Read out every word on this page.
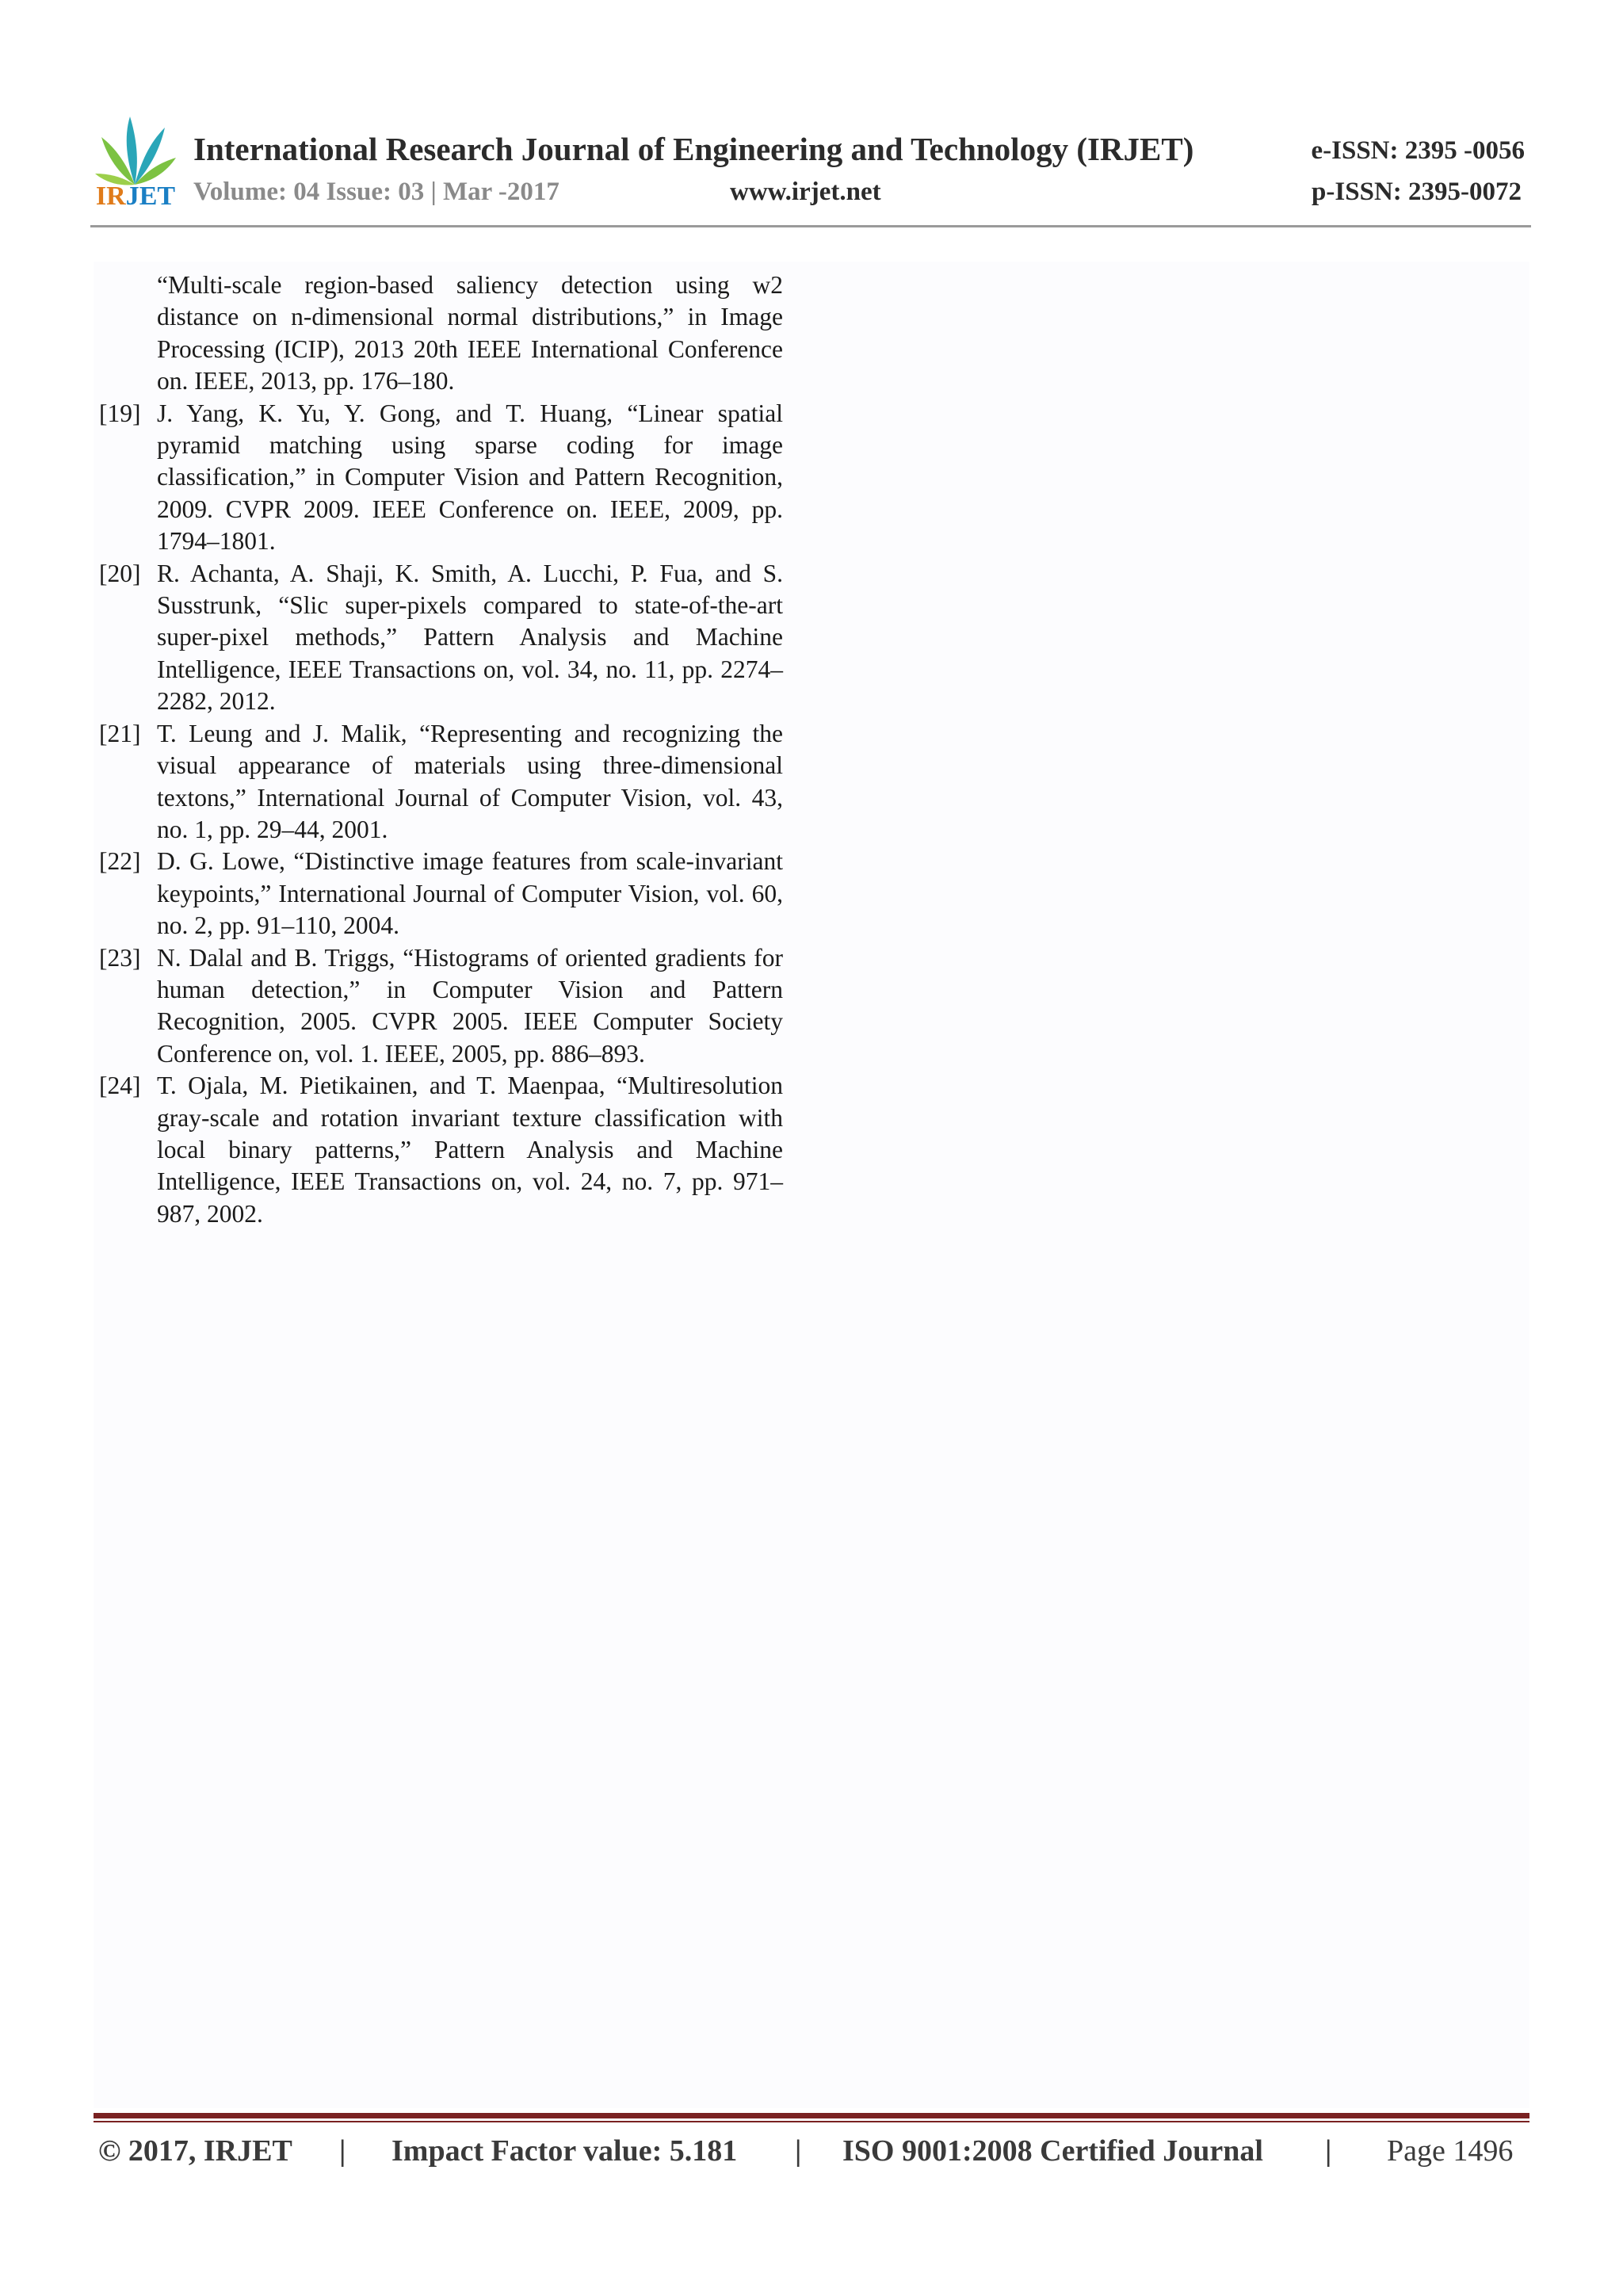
IRJET
International Research Journal of Engineering and Technology (IRJET)
Volume: 04 Issue: 03 | Mar -2017	www.irjet.net
e-ISSN: 2395 -0056
p-ISSN: 2395-0072
“Multi-scale region-based saliency detection using w2 distance on n-dimensional normal distributions,” in Image Processing (ICIP), 2013 20th IEEE International Conference on. IEEE, 2013, pp. 176–180.
[19] J. Yang, K. Yu, Y. Gong, and T. Huang, “Linear spatial pyramid matching using sparse coding for image classification,” in Computer Vision and Pattern Recognition, 2009. CVPR 2009. IEEE Conference on. IEEE, 2009, pp. 1794–1801.
[20] R. Achanta, A. Shaji, K. Smith, A. Lucchi, P. Fua, and S. Susstrunk, “Slic super-pixels compared to state-of-the-art super-pixel methods,” Pattern Analysis and Machine Intelligence, IEEE Transactions on, vol. 34, no. 11, pp. 2274–2282, 2012.
[21] T. Leung and J. Malik, “Representing and recognizing the visual appearance of materials using three-dimensional textons,” International Journal of Computer Vision, vol. 43, no. 1, pp. 29–44, 2001.
[22] D. G. Lowe, “Distinctive image features from scale-invariant keypoints,” International Journal of Computer Vision, vol. 60, no. 2, pp. 91–110, 2004.
[23] N. Dalal and B. Triggs, “Histograms of oriented gradients for human detection,” in Computer Vision and Pattern Recognition, 2005. CVPR 2005. IEEE Computer Society Conference on, vol. 1. IEEE, 2005, pp. 886–893.
[24] T. Ojala, M. Pietikainen, and T. Maenpaa, “Multiresolution gray-scale and rotation invariant texture classification with local binary patterns,” Pattern Analysis and Machine Intelligence, IEEE Transactions on, vol. 24, no. 7, pp. 971–987, 2002.
© 2017, IRJET | Impact Factor value: 5.181 | ISO 9001:2008 Certified Journal | Page 1496
